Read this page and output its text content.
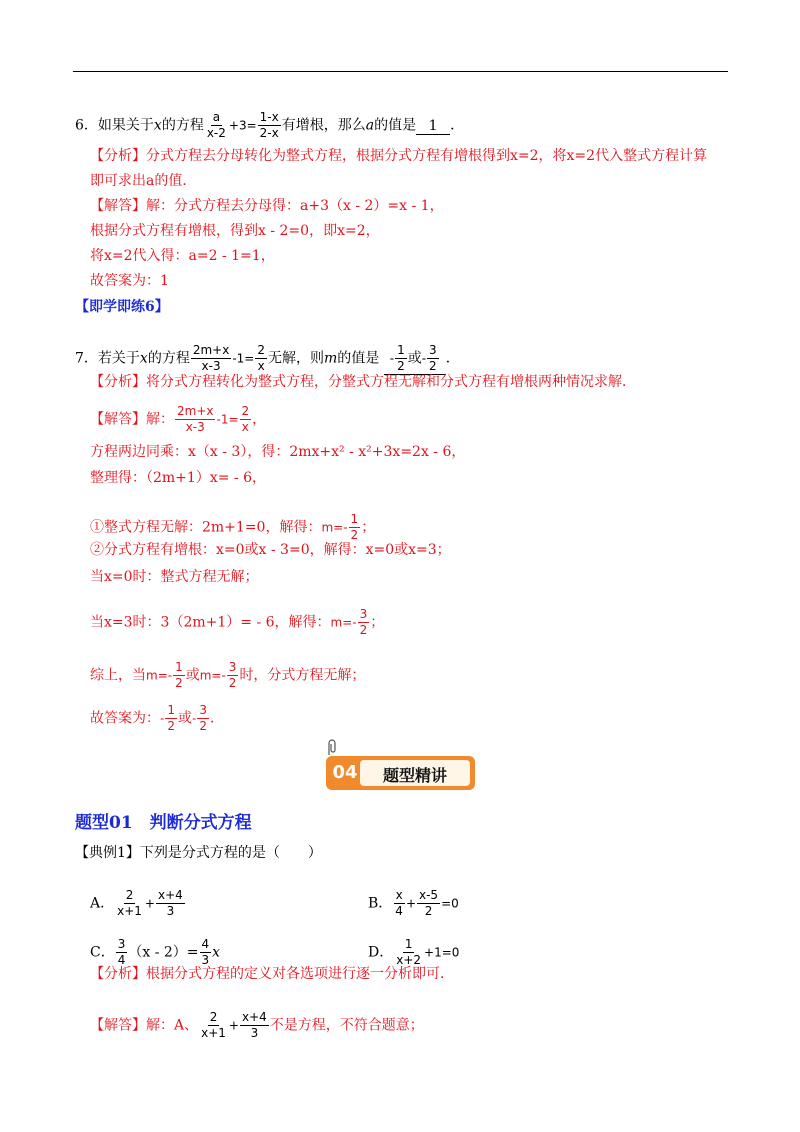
6．如果关于x的方程 $\frac{a}{x-2} +3= \frac{1-x}{2-x}$ 有增根，那么a的值是 1 ．
【分析】分式方程去分母转化为整式方程，根据分式方程有增根得到x=2，将x=2代入整式方程计算
即可求出a的值．
【解答】解：分式方程去分母得：a+3（x - 2）=x - 1，
根据分式方程有增根，得到x - 2=0，即x=2，
将x=2代入得：a=2 - 1=1，
故答案为：1
【即学即练6】
7．若关于x的方程 $\frac{2m+x}{x-3} -1= \frac{2}{x}$ 无解，则m的值是 - $\frac{1}{2}$ 或- $\frac{3}{2}$ ．
【分析】将分式方程转化为整式方程，分整式方程无解和分式方程有增根两种情况求解．
【解答】解： $\frac{2m+x}{x-3} -1= \frac{2}{x}$ ，
方程两边同乘：x（x - 3），得：2mx+x² - x²+3x=2x - 6，
整理得：（2m+1）x= - 6，
①整式方程无解：2m+1=0，解得：$m=- \frac{1}{2}$ ；
②分式方程有增根：x=0或x - 3=0，解得：x=0或x=3；
当x=0时：整式方程无解；
当x=3时：3（2m+1）= - 6，解得：$m=- \frac{3}{2}$ ；
综上，当$m=- \frac{1}{2}$ 或$m=- \frac{3}{2}$ 时，分式方程无解；
故答案为：- $\frac{1}{2}$ 或- $\frac{3}{2}$ ．
04	题型精讲
题型01　判断分式方程
【典例1】下列是分式方程的是（　　）
A． $\frac{2}{x+1} + \frac{x+4}{3}$	B． $\frac{x}{4} + \frac{x-5}{2} =0$
C． $\frac{3}{4} (x - 2)= \frac{4}{3}$ x	D． $\frac{1}{x+2} +1=0$
【分析】根据分式方程的定义对各选项进行逐一分析即可．
【解答】解：A、 $\frac{2}{x+1} + \frac{x+4}{3}$ 不是方程，不符合题意；
